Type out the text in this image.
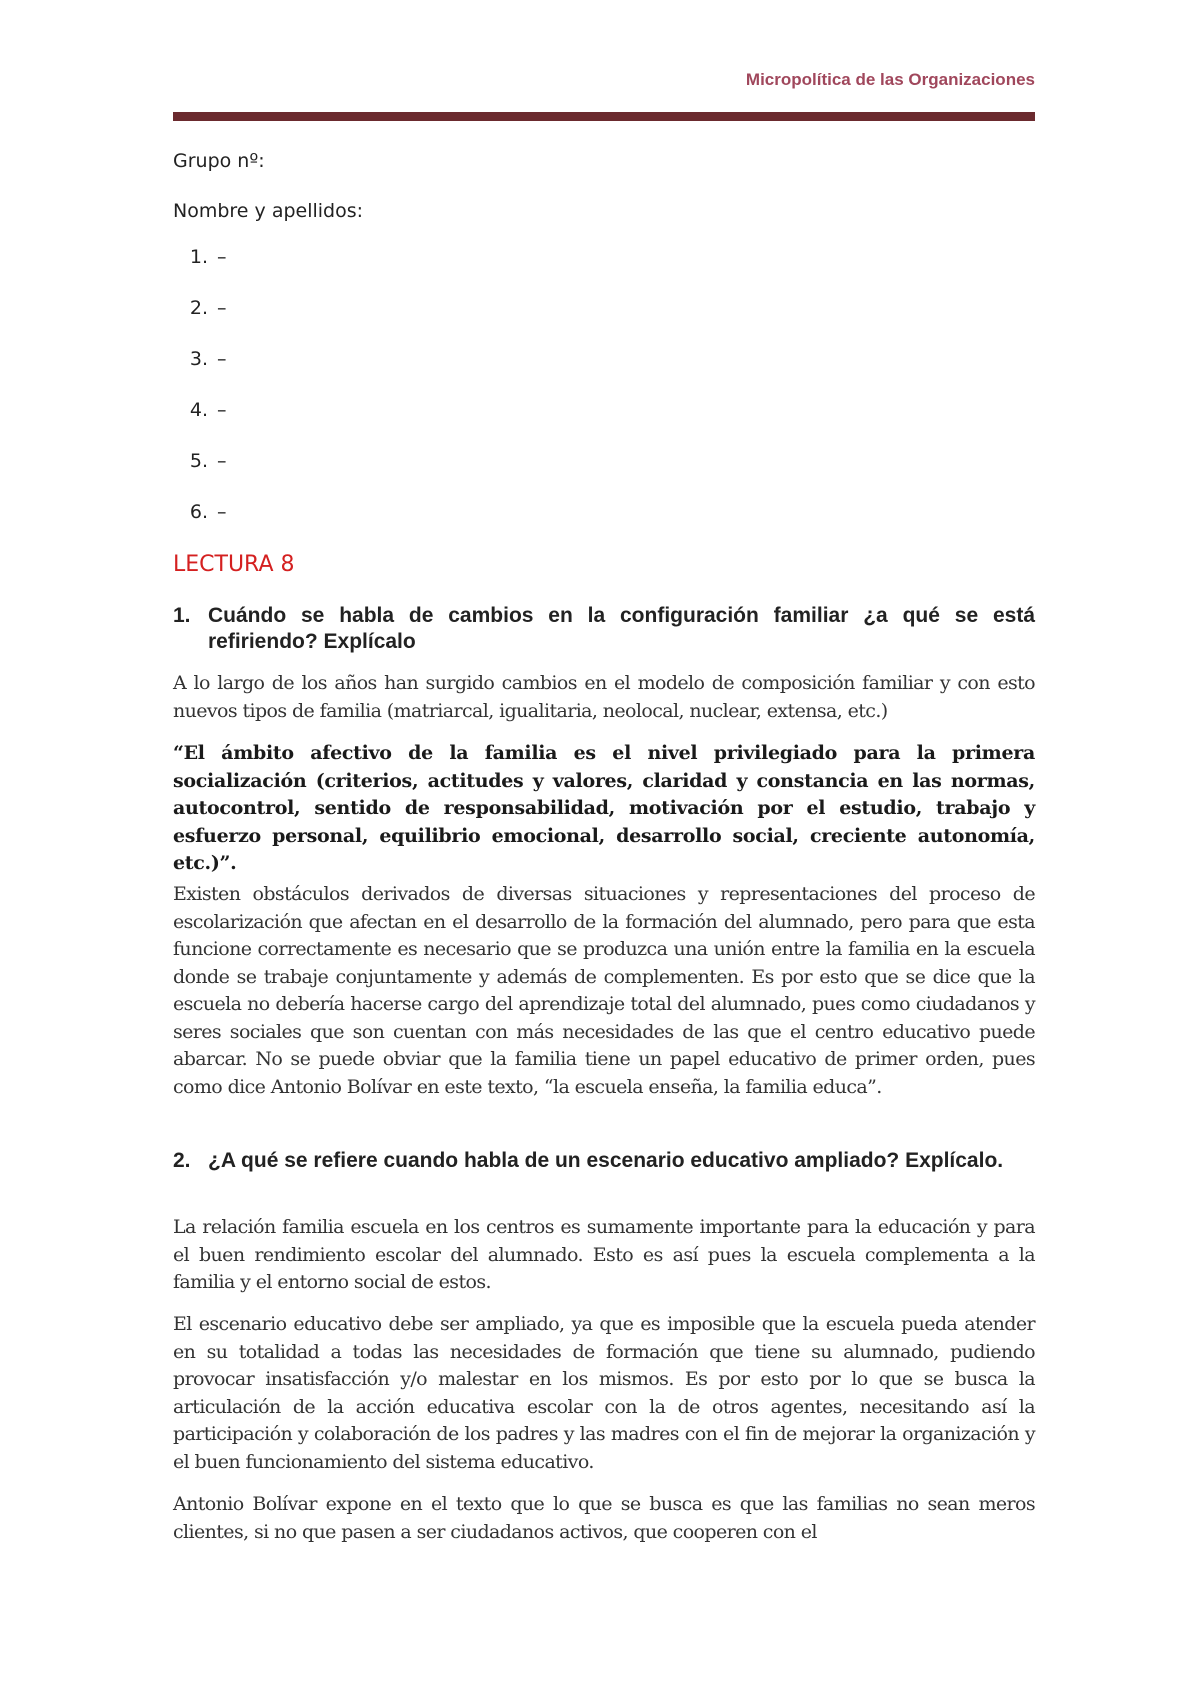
Micropolítica de las Organizaciones
Grupo nº:
Nombre y apellidos:
1. –
2. –
3. –
4. –
5. –
6. –
LECTURA 8
1. Cuándo se habla de cambios en la configuración familiar ¿a qué se está refiriendo? Explícalo

A lo largo de los años han surgido cambios en el modelo de composición familiar y con esto nuevos tipos de familia (matriarcal, igualitaria, neolocal, nuclear, extensa, etc.)

“El ámbito afectivo de la familia es el nivel privilegiado para la primera socialización (criterios, actitudes y valores, claridad y constancia en las normas, autocontrol, sentido de responsabilidad, motivación por el estudio, trabajo y esfuerzo personal, equilibrio emocional, desarrollo social, creciente autonomía, etc.)”.

Existen obstáculos derivados de diversas situaciones y representaciones del proceso de escolarización que afectan en el desarrollo de la formación del alumnado, pero para que esta funcione correctamente es necesario que se produzca una unión entre la familia en la escuela donde se trabaje conjuntamente y además de complementen. Es por esto que se dice que la escuela no debería hacerse cargo del aprendizaje total del alumnado, pues como ciudadanos y seres sociales que son cuentan con más necesidades de las que el centro educativo puede abarcar. No se puede obviar que la familia tiene un papel educativo de primer orden, pues como dice Antonio Bolívar en este texto, “la escuela enseña, la familia educa”.

2. ¿A qué se refiere cuando habla de un escenario educativo ampliado? Explícalo.

La relación familia escuela en los centros es sumamente importante para la educación y para el buen rendimiento escolar del alumnado. Esto es así pues la escuela complementa a la familia y el entorno social de estos.

El escenario educativo debe ser ampliado, ya que es imposible que la escuela pueda atender en su totalidad a todas las necesidades de formación que tiene su alumnado, pudiendo provocar insatisfacción y/o malestar en los mismos. Es por esto por lo que se busca la articulación de la acción educativa escolar con la de otros agentes, necesitando así la participación y colaboración de los padres y las madres con el fin de mejorar la organización y el buen funcionamiento del sistema educativo.

Antonio Bolívar expone en el texto que lo que se busca es que las familias no sean meros clientes, si no que pasen a ser ciudadanos activos, que cooperen con el
